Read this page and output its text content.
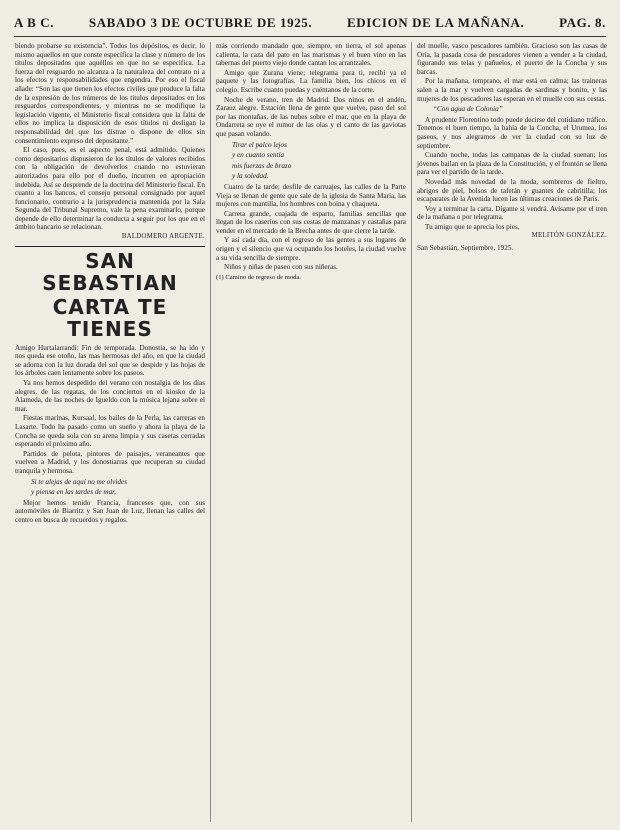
A B C.	SABADO 3 DE OCTUBRE DE 1925.	EDICION DE LA MAÑANA.	PAG. 8.

biendo probarse su existencia”. Todos los depósitos, es decir, lo mismo aquellos en que conste específica la clase y número de los títulos depositados que aquéllos en que no se especifica. La fuerza del resguardo no alcanza a la naturaleza del contrato ni a los efectos y responsabilidades que engendra. Por eso el fiscal añade: “Son las que tienen los efectos civiles que produce la falta de la expresión de los números de los títulos depositados en los resguardos correspondientes, y mientras no se modifique la legislación vigente, el Ministerio fiscal considera que la falta de ellos no implica la disposición de esos títulos ni desligan la responsabilidad del que los distrae o dispone de ellos sin consentimiento expreso del depositante.”

El caso, pues, es el aspecto penal, está admitido. Quienes como depositarios dispusieron de los títulos de valores recibidos con la obligación de devolverlos cuando no estuvieran autorizados para ello por el dueño, incurren en apropiación indebida. Así se desprende de la doctrina del Ministerio fiscal. En cuanto a los bancos, el consejo personal consignado por aquel funcionario, contrario a la jurisprudencia mantenida por la Sala Segunda del Tribunal Supremo, vale la pena examinarlo, porque depende de ello determinar la conducta a seguir por los que en el ámbito bancario se relacionan.

BALDOMERO ARGENTE.

SAN SEBASTIAN
CARTA TE TIENES

Amigo Hurtalarrandi: Fin de temporada. Donostia, se ha ido y nos queda ese otoño, las mas hermosas del año, en que la ciudad se adorna con la luz dorada del sol que se despide y las hojas de los árboles caen lentamente sobre los paseos.

Ya nos hemos despedido del verano con nostalgia de los días alegres, de las regatas, de los conciertos en el kiosko de la Alameda, de las noches de Igueldo con la música lejana sobre el mar.

Fiestas marinas, Kursaal, los bailes de la Perla, las carreras en Lasarte. Todo ha pasado como un sueño y ahora la playa de la Concha se queda sola con su arena limpia y sus casetas cerradas esperando el próximo año.

Partidos de pelota, pintores de paisajes, veraneantes que vuelven a Madrid, y los donostiarras que recuperan su ciudad tranquila y hermosa.

Si te alejas de aquí no me olvides

y piensa en las tardes de mar,

Mejor hemos tenido Francia, franceses que, con sus automóviles de Biarritz y San Juan de Luz, llenan las calles del centro en busca de recuerdos y regalos.

más corriendo mandado que, siempre, en tierra, el sol apenas calienta, la caza del pato en las marismas y el buen vino en las tabernas del puerto viejo donde cantan los arrantzales.

Amigo que Zurana viene; telegrama para ti, recibí ya el paquete y las fotografías. La familia bien, los chicos en el colegio. Escribe cuanto puedas y cuéntanos de la corte.

Noche de verano, tren de Madrid. Dos ninos en el andén, Zarauz alegre. Estación llena de gente que vuelve, paso del sol por las montañas, de las nubes sobre el mar, que en la playa de Ondarreta se oye el rumor de las olas y el canto de las gaviotas que pasan volando.

Tirar el palco lejos

y en cuanto sentía

mis fuerzas de brazo

y la soledad.

Cuatro de la tarde; desfile de carruajes, las calles de la Parte Vieja se llenan de gente que sale de la iglesia de Santa María, las mujeres con mantilla, los hombres con boina y chaqueta.

Carreta grande, cuajada de esparto, familias sencillas que llegan de los caseríos con sus cestas de manzanas y castañas para vender en el mercado de la Brecha antes de que cierre la tarde.

Y así cada día, con el regreso de las gentes a sus lugares de origen y el silencio que va ocupando los hoteles, la ciudad vuelve a su vida sencilla de siempre.

Niños y niñas de paseo con sus niñeras.

(1) Camino de regreso de moda.

del muelle, vasco pescadores también. Gracioso son las casas de Oria, la pasada cosa de pescadores vienen a vender a la ciudad, figurando sus telas y pañuelos, el puerto de la Concha y sus barcas.

Por la mañana, temprano, el mar está en calma; las traineras salen a la mar y vuelven cargadas de sardinas y bonito, y las mujeres de los pescadores las esperan en el muelle con sus cestas.

“Con agua de Colonia”

A prudente Florentino todo puede decirse del cotidiano tráfico. Tenemos el buen tiempo, la bahía de la Concha, el Urumea, los paseos, y nos alegramos de ver la ciudad con su luz de septiembre.

Cuando noche, todas las campanas de la ciudad suenan; los jóvenes bailan en la plaza de la Constitución, y el frontón se llena para ver el partido de la tarde.

Novedad más novedad de la moda, sombreros de fieltro, abrigos de piel, bolsos de tafetán y guantes de cabritilla; los escaparates de la Avenida lucen las últimas creaciones de París.

Voy a terminar la carta. Dígame si vendrá. Avísame por el tren de la mañana o por telegrama.

Tu amigo que te aprecia los pies,

MELITÓN GONZÁLEZ.

San Sebastián, Septiembre, 1925.
